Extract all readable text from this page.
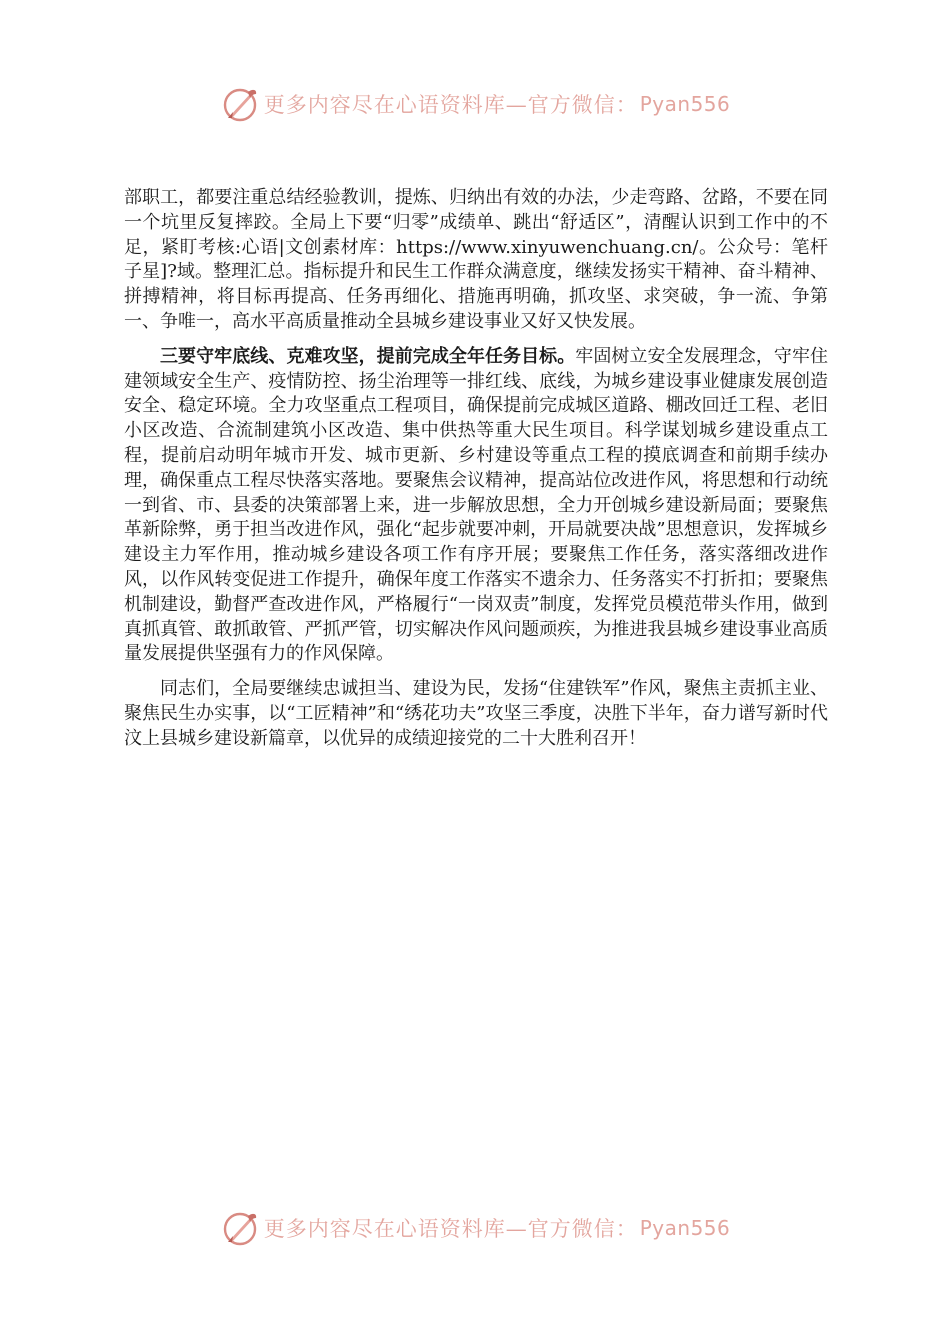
更多内容尽在心语资料库—官方微信： Pyan556

部职工，都要注重总结经验教训，提炼、归纳出有效的办法，少走弯路、岔路，不要在同一个坑里反复摔跤。全局上下要“归零”成绩单、跳出“舒适区”，清醒认识到工作中的不足，紧盯考核:心语|文创素材库：https://www.xinyuwenchuang.cn/。公众号：笔杆子星]?域。整理汇总。指标提升和民生工作群众满意度，继续发扬实干精神、奋斗精神、拼搏精神，将目标再提高、任务再细化、措施再明确，抓攻坚、求突破，争一流、争第一、争唯一，高水平高质量推动全县城乡建设事业又好又快发展。

三要守牢底线、克难攻坚，提前完成全年任务目标。牢固树立安全发展理念，守牢住建领域安全生产、疫情防控、扬尘治理等一排红线、底线，为城乡建设事业健康发展创造安全、稳定环境。全力攻坚重点工程项目，确保提前完成城区道路、棚改回迁工程、老旧小区改造、合流制建筑小区改造、集中供热等重大民生项目。科学谋划城乡建设重点工程，提前启动明年城市开发、城市更新、乡村建设等重点工程的摸底调查和前期手续办理，确保重点工程尽快落实落地。要聚焦会议精神，提高站位改进作风，将思想和行动统一到省、市、县委的决策部署上来，进一步解放思想，全力开创城乡建设新局面；要聚焦革新除弊，勇于担当改进作风，强化“起步就要冲刺，开局就要决战”思想意识，发挥城乡建设主力军作用，推动城乡建设各项工作有序开展；要聚焦工作任务，落实落细改进作风，以作风转变促进工作提升，确保年度工作落实不遗余力、任务落实不打折扣；要聚焦机制建设，勤督严查改进作风，严格履行“一岗双责”制度，发挥党员模范带头作用，做到真抓真管、敢抓敢管、严抓严管，切实解决作风问题顽疾，为推进我县城乡建设事业高质量发展提供坚强有力的作风保障。

同志们，全局要继续忠诚担当、建设为民，发扬“住建铁军”作风，聚焦主责抓主业、聚焦民生办实事，以“工匠精神”和“绣花功夫”攻坚三季度，决胜下半年，奋力谱写新时代汶上县城乡建设新篇章，以优异的成绩迎接党的二十大胜利召开！

更多内容尽在心语资料库—官方微信： Pyan556
